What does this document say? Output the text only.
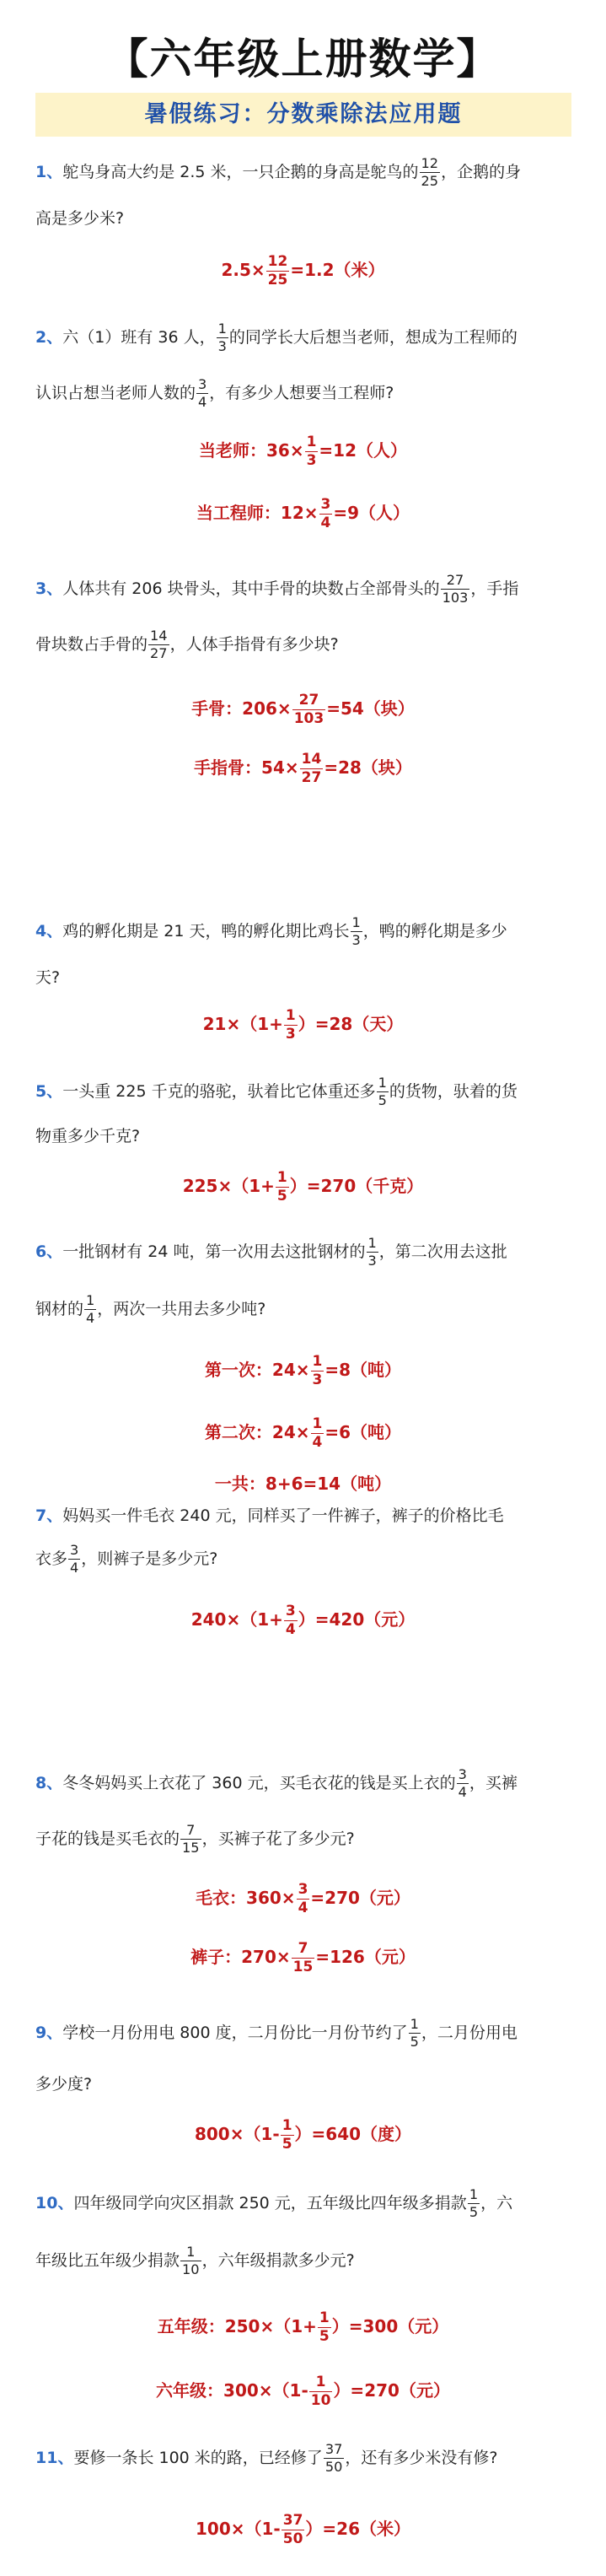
【六年级上册数学】
暑假练习：分数乘除法应用题
1、鸵鸟身高大约是 2.5 米，一只企鹅的身高是鸵鸟的 $\frac{12}{25}$ ，企鹅的身
高是多少米?
$2.5\times \frac{12}{25} =1.2$（米）
2、六（1）班有 36 人， $\frac{1}{3}$ 的同学长大后想当老师，想成为工程师的
认识占想当老师人数的 $\frac{3}{4}$ ，有多少人想要当工程师?
当老师：$36\times \frac{1}{3} =12$（人）
当工程师：$12\times \frac{3}{4} =9$（人）
3、人体共有 206 块骨头，其中手骨的块数占全部骨头的 $\frac{27}{103}$ ，手指
骨块数占手骨的 $\frac{14}{27}$ ，人体手指骨有多少块?
手骨：$206\times \frac{27}{103} =54$（块）
手指骨：$54\times \frac{14}{27} =28$（块）
4、鸡的孵化期是 21 天，鸭的孵化期比鸡长 $\frac{1}{3}$ ，鸭的孵化期是多少
天?
$21\times(1+ \frac{1}{3} )=28$（天）
5、一头重 225 千克的骆驼，驮着比它体重还多 $\frac{1}{5}$ 的货物，驮着的货
物重多少千克?
$225\times(1+ \frac{1}{5} )=270$（千克）
6、一批钢材有 24 吨，第一次用去这批钢材的 $\frac{1}{3}$ ，第二次用去这批
钢材的 $\frac{1}{4}$ ，两次一共用去多少吨?
第一次：$24\times \frac{1}{3} =8$（吨）
第二次：$24\times \frac{1}{4} =6$（吨）
一共：8+6=14（吨）
7、妈妈买一件毛衣 240 元，同样买了一件裤子，裤子的价格比毛
衣多 $\frac{3}{4}$ ，则裤子是多少元?
$240\times(1+ \frac{3}{4} )=420$（元）
8、冬冬妈妈买上衣花了 360 元，买毛衣花的钱是买上衣的 $\frac{3}{4}$ ，买裤
子花的钱是买毛衣的 $\frac{7}{15}$ ，买裤子花了多少元?
毛衣：$360\times \frac{3}{4} =270$（元）
裤子：$270\times \frac{7}{15} =126$（元）
9、学校一月份用电 800 度，二月份比一月份节约了 $\frac{1}{5}$ ，二月份用电
多少度?
$800\times(1- \frac{1}{5} )=640$（度）
10、四年级同学向灾区捐款 250 元，五年级比四年级多捐款 $\frac{1}{5}$ ，六
年级比五年级少捐款 $\frac{1}{10}$ ，六年级捐款多少元?
五年级：$250\times(1+ \frac{1}{5} )=300$（元）
六年级：$300\times(1- \frac{1}{10} )=270$（元）
11、要修一条长 100 米的路，已经修了 $\frac{37}{50}$ ，还有多少米没有修?
$100\times(1- \frac{37}{50} )=26$（米）
